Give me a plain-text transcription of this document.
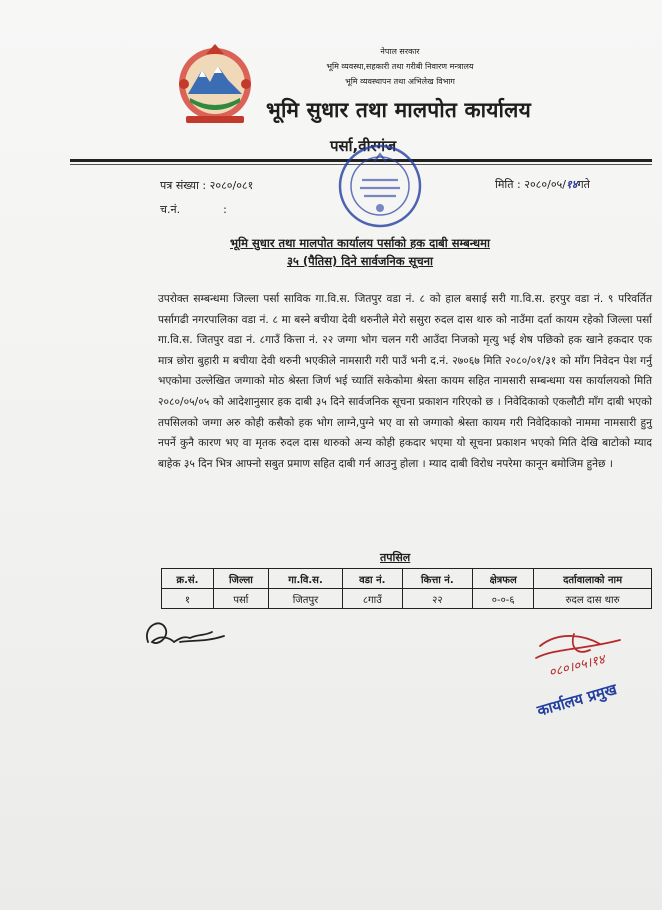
नेपाल सरकार
भूमि व्यवस्था,सहकारी तथा गरीबी निवारण मन्त्रालय
भूमि व्यवस्थापन तथा अभिलेख विभाग
भूमि सुधार तथा मालपोत कार्यालय
पर्सा,वीरगंज
पत्र संख्या : २०८०/०८१
च.नं.	:
मिति : २०८०/०५/१४गते
भूमि सुधार तथा मालपोत कार्यालय पर्साको हक दाबी सम्बन्धमा
३५ (पैतिस) दिने सार्वजनिक सूचना

उपरोक्त सम्बन्धमा जिल्ला पर्सा साविक गा.वि.स. जितपुर वडा नं. ८ को हाल बसाई सरी गा.वि.स. हरपुर वडा नं. ९ परिवर्तित पर्सागढी नगरपालिका वडा नं. ८ मा बस्ने बचीया देवी थरुनीले मेरो ससुरा रुदल दास थारु को नाउँमा दर्ता कायम रहेको जिल्ला पर्सा गा.वि.स. जितपुर वडा नं. ८गाउँ कित्ता नं. २२ जग्गा भोग चलन गरी आउँदा निजको मृत्यु भई शेष पछिको हक खाने हकदार एक मात्र छोरा बुहारी म बचीया देवी थरुनी भएकीले नामसारी गरी पाउँ भनी द.नं. २७०६७ मिति २०८०/०१/३१ को माँग निवेदन पेश गर्नु भएकोमा उल्लेखित जग्गाको मोठ श्रेस्ता जिर्ण भई च्यातिं सकेकोमा श्रेस्ता कायम सहित नामसारी सम्बन्धमा यस कार्यालयको मिति २०८०/०५/०५ को आदेशानुसार हक दाबी ३५ दिने सार्वजनिक सूचना प्रकाशन गरिएको छ । निवेदिकाको एकलौटी माँग दाबी भएको तपसिलको जग्गा अरु कोही कसैको हक भोग लाग्ने,पुग्ने भए वा सो जग्गाको श्रेस्ता कायम गरी निवेदिकाको नाममा नामसारी हुनु नपर्ने कुनै कारण भए वा मृतक रुदल दास थारुको अन्य कोही हकदार भएमा यो सूचना प्रकाशन भएको मिति देखि बाटोको म्याद बाहेक ३५ दिन भित्र आफ्नो सबुत प्रमाण सहित दाबी गर्न आउनु होला । म्याद दाबी विरोध नपरेमा कानून बमोजिम हुनेछ ।

तपसिल
क्र.सं.	जिल्ला	गा.वि.स.	वडा नं.	कित्ता नं.	क्षेत्रफल	दर्तावालाको नाम
१	पर्सा	जितपुर	८गाउँ	२२	०-०-६	रुदल दास थारु
०८०।०५।१४
कार्यालय प्रमुख
